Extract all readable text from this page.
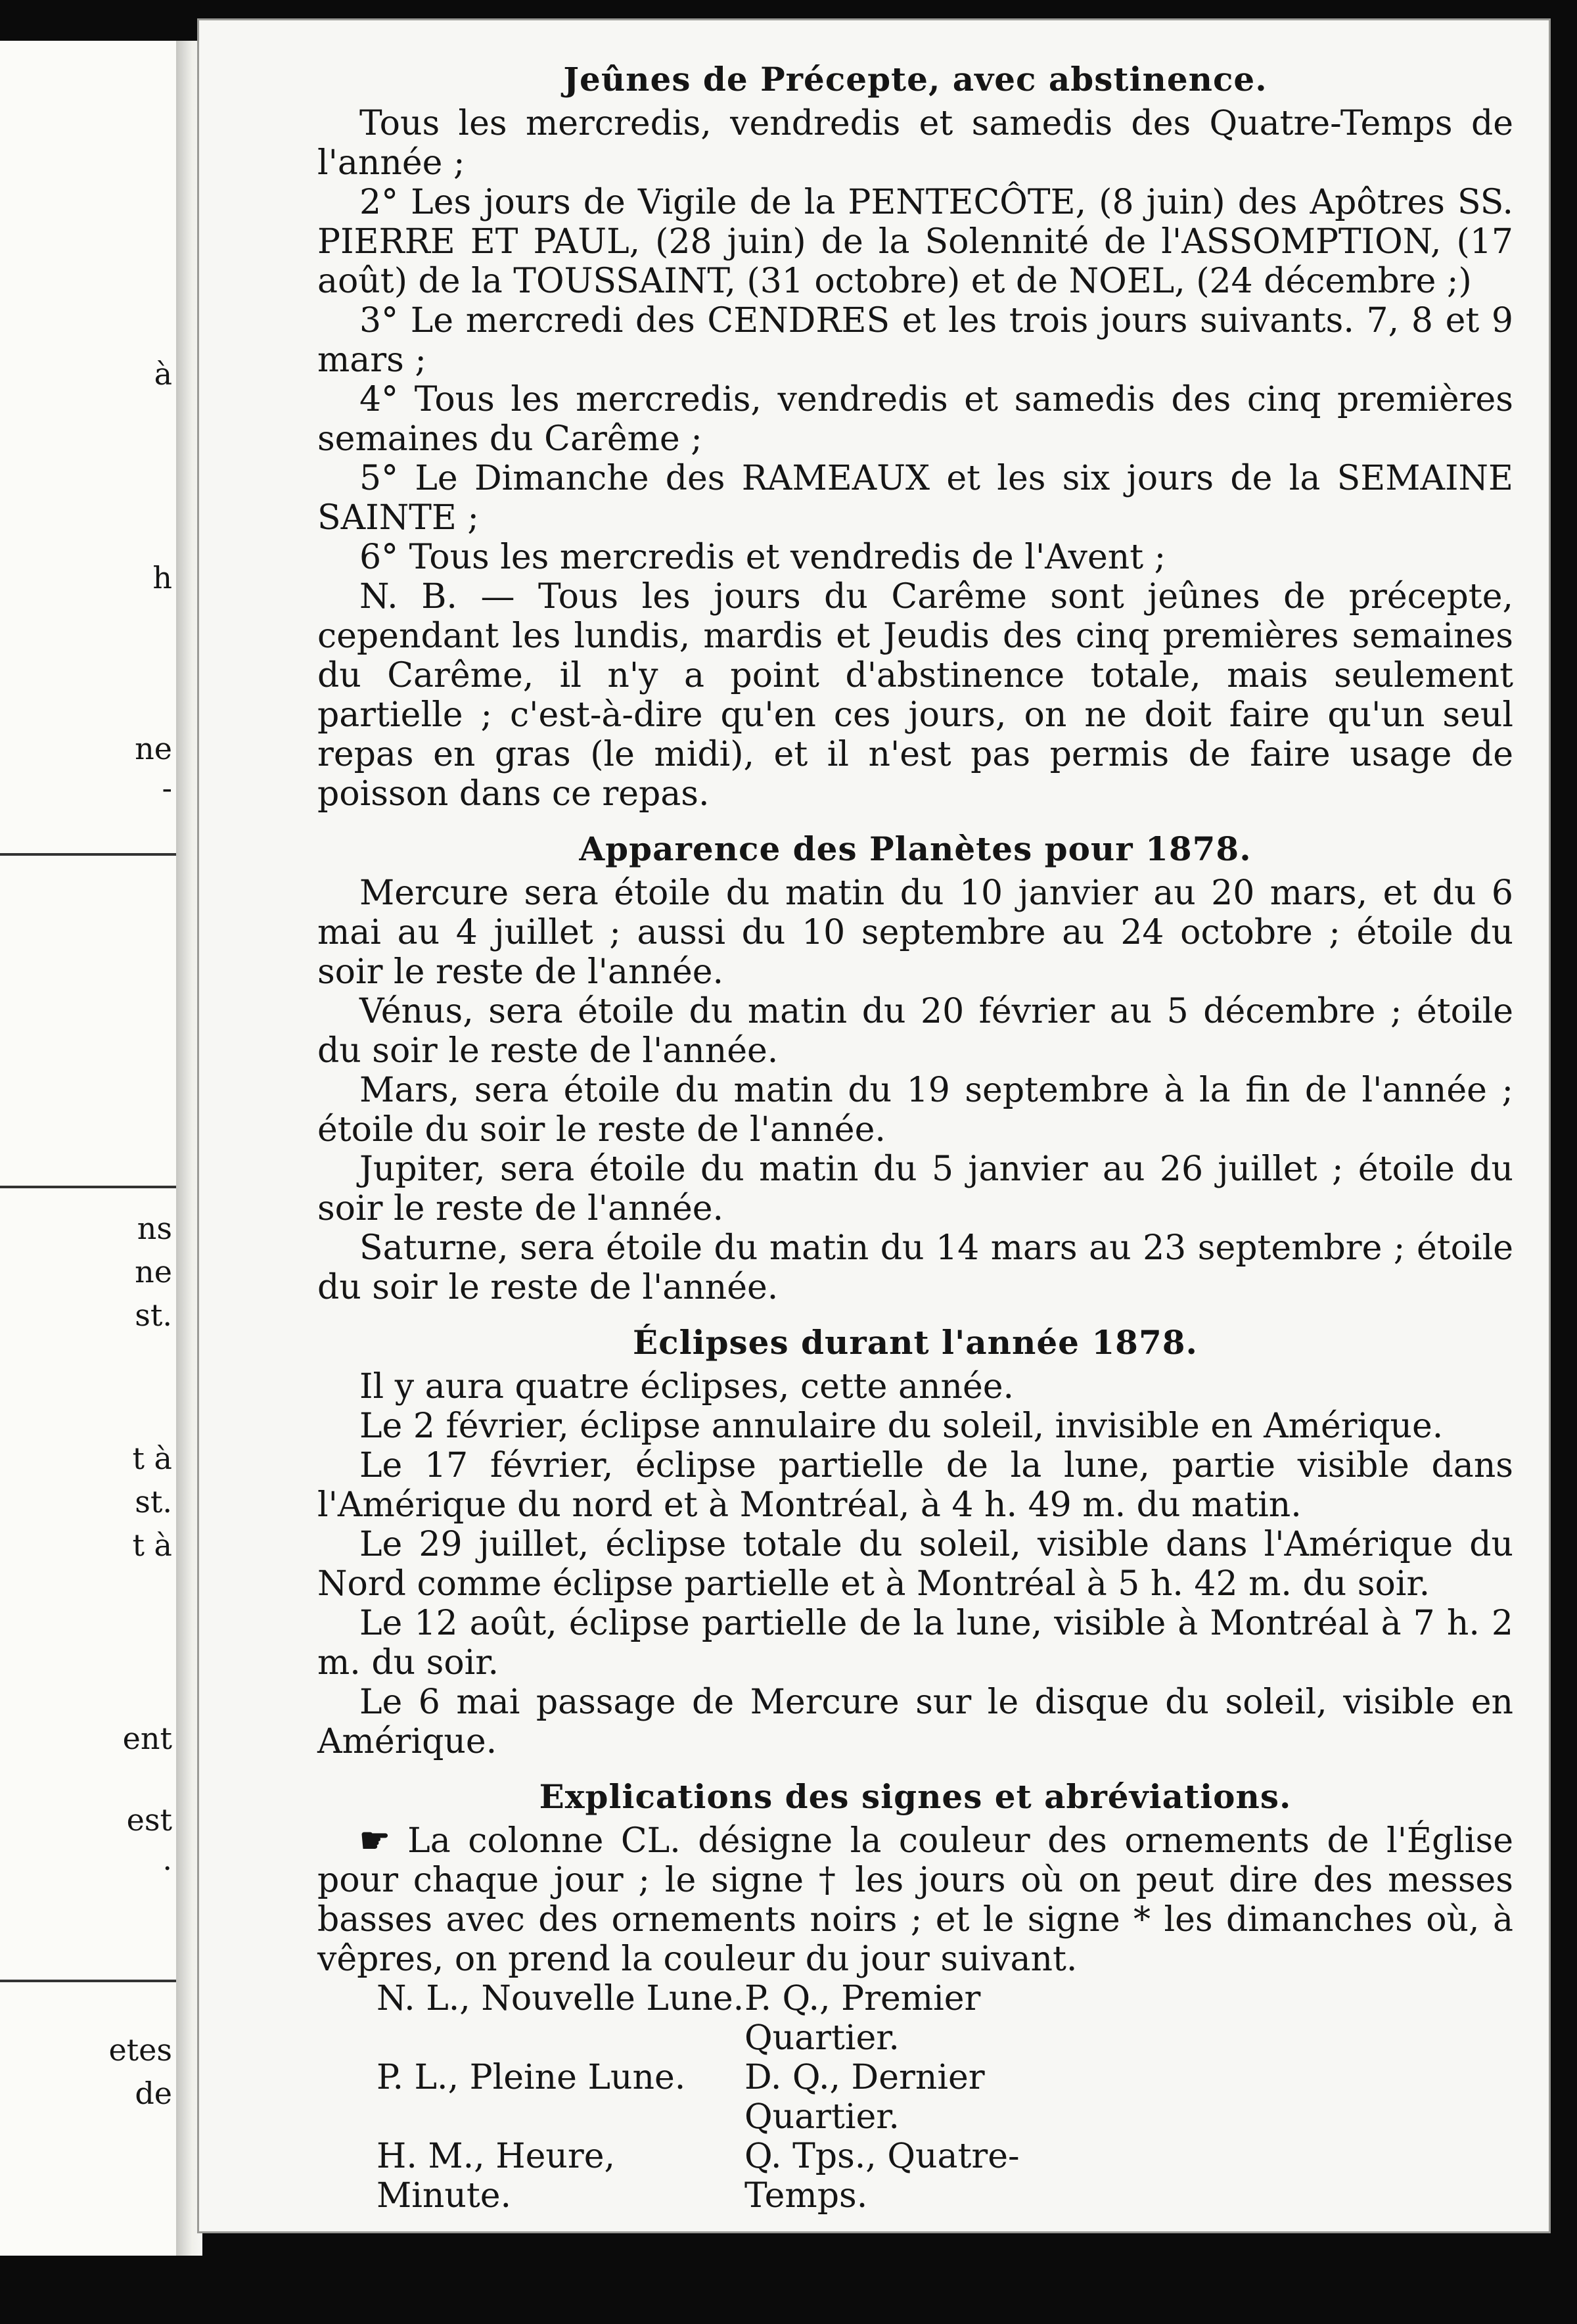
à
h
ne
-
ns
ne
st.
t à
st.
t à
ent
est
.
etes
de
Jeûnes de Précepte, avec abstinence.

Tous les mercredis, vendredis et samedis des Quatre-Temps de l'année ;

2° Les jours de Vigile de la PENTECÔTE, (8 juin) des Apôtres SS. PIERRE ET PAUL, (28 juin) de la Solennité de l'ASSOMPTION, (17 août) de la TOUSSAINT, (31 octobre) et de NOEL, (24 décembre ;)

3° Le mercredi des CENDRES et les trois jours suivants. 7, 8 et 9 mars ;

4° Tous les mercredis, vendredis et samedis des cinq premières semaines du Carême ;

5° Le Dimanche des RAMEAUX et les six jours de la SEMAINE SAINTE ;

6° Tous les mercredis et vendredis de l'Avent ;

N. B. — Tous les jours du Carême sont jeûnes de précepte, cependant les lundis, mardis et Jeudis des cinq premières semaines du Carême, il n'y a point d'abstinence totale, mais seulement partielle ; c'est-à-dire qu'en ces jours, on ne doit faire qu'un seul repas en gras (le midi), et il n'est pas permis de faire usage de poisson dans ce repas.

Apparence des Planètes pour 1878.

Mercure sera étoile du matin du 10 janvier au 20 mars, et du 6 mai au 4 juillet ; aussi du 10 septembre au 24 octobre ; étoile du soir le reste de l'année.

Vénus, sera étoile du matin du 20 février au 5 décembre ; étoile du soir le reste de l'année.

Mars, sera étoile du matin du 19 septembre à la fin de l'année ; étoile du soir le reste de l'année.

Jupiter, sera étoile du matin du 5 janvier au 26 juillet ; étoile du soir le reste de l'année.

Saturne, sera étoile du matin du 14 mars au 23 septembre ; étoile du soir le reste de l'année.

Éclipses durant l'année 1878.

Il y aura quatre éclipses, cette année.

Le 2 février, éclipse annulaire du soleil, invisible en Amérique.

Le 17 février, éclipse partielle de la lune, partie visible dans l'Amérique du nord et à Montréal, à 4 h. 49 m. du matin.

Le 29 juillet, éclipse totale du soleil, visible dans l'Amérique du Nord comme éclipse partielle et à Montréal à 5 h. 42 m. du soir.

Le 12 août, éclipse partielle de la lune, visible à Montréal à 7 h. 2 m. du soir.

Le 6 mai passage de Mercure sur le disque du soleil, visible en Amérique.

Explications des signes et abréviations.

☛ La colonne CL. désigne la couleur des ornements de l'Église pour chaque jour ; le signe † les jours où on peut dire des messes basses avec des ornements noirs ; et le signe * les dimanches où, à vêpres, on prend la couleur du jour suivant.

N. L., Nouvelle Lune. P. Q., Premier Quartier.
P. L., Pleine Lune.	D. Q., Dernier Quartier.
H. M., Heure, Minute.
Q. Tps., Quatre-Temps.
